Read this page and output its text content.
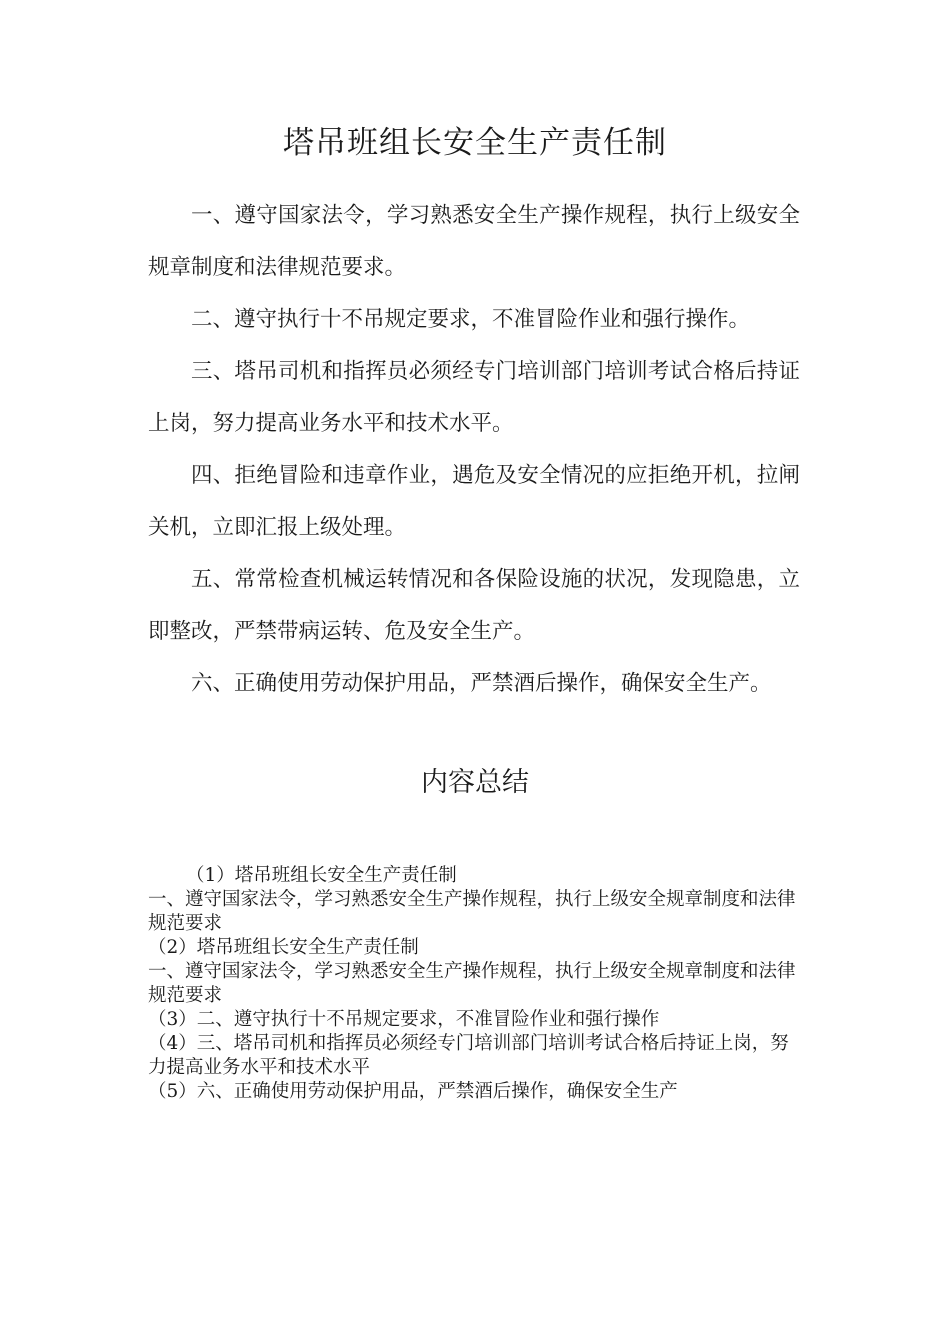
塔吊班组长安全生产责任制

一、遵守国家法令，学习熟悉安全生产操作规程，执行上级安全规章制度和法律规范要求。

二、遵守执行十不吊规定要求，不准冒险作业和强行操作。

三、塔吊司机和指挥员必须经专门培训部门培训考试合格后持证上岗，努力提高业务水平和技术水平。

四、拒绝冒险和违章作业，遇危及安全情况的应拒绝开机，拉闸关机，立即汇报上级处理。

五、常常检查机械运转情况和各保险设施的状况，发现隐患，立即整改，严禁带病运转、危及安全生产。

六、正确使用劳动保护用品，严禁酒后操作，确保安全生产。

内容总结

（1）塔吊班组长安全生产责任制

一、遵守国家法令，学习熟悉安全生产操作规程，执行上级安全规章制度和法律规范要求

（2）塔吊班组长安全生产责任制

一、遵守国家法令，学习熟悉安全生产操作规程，执行上级安全规章制度和法律规范要求

（3）二、遵守执行十不吊规定要求，不准冒险作业和强行操作

（4）三、塔吊司机和指挥员必须经专门培训部门培训考试合格后持证上岗，努力提高业务水平和技术水平

（5）六、正确使用劳动保护用品，严禁酒后操作，确保安全生产
